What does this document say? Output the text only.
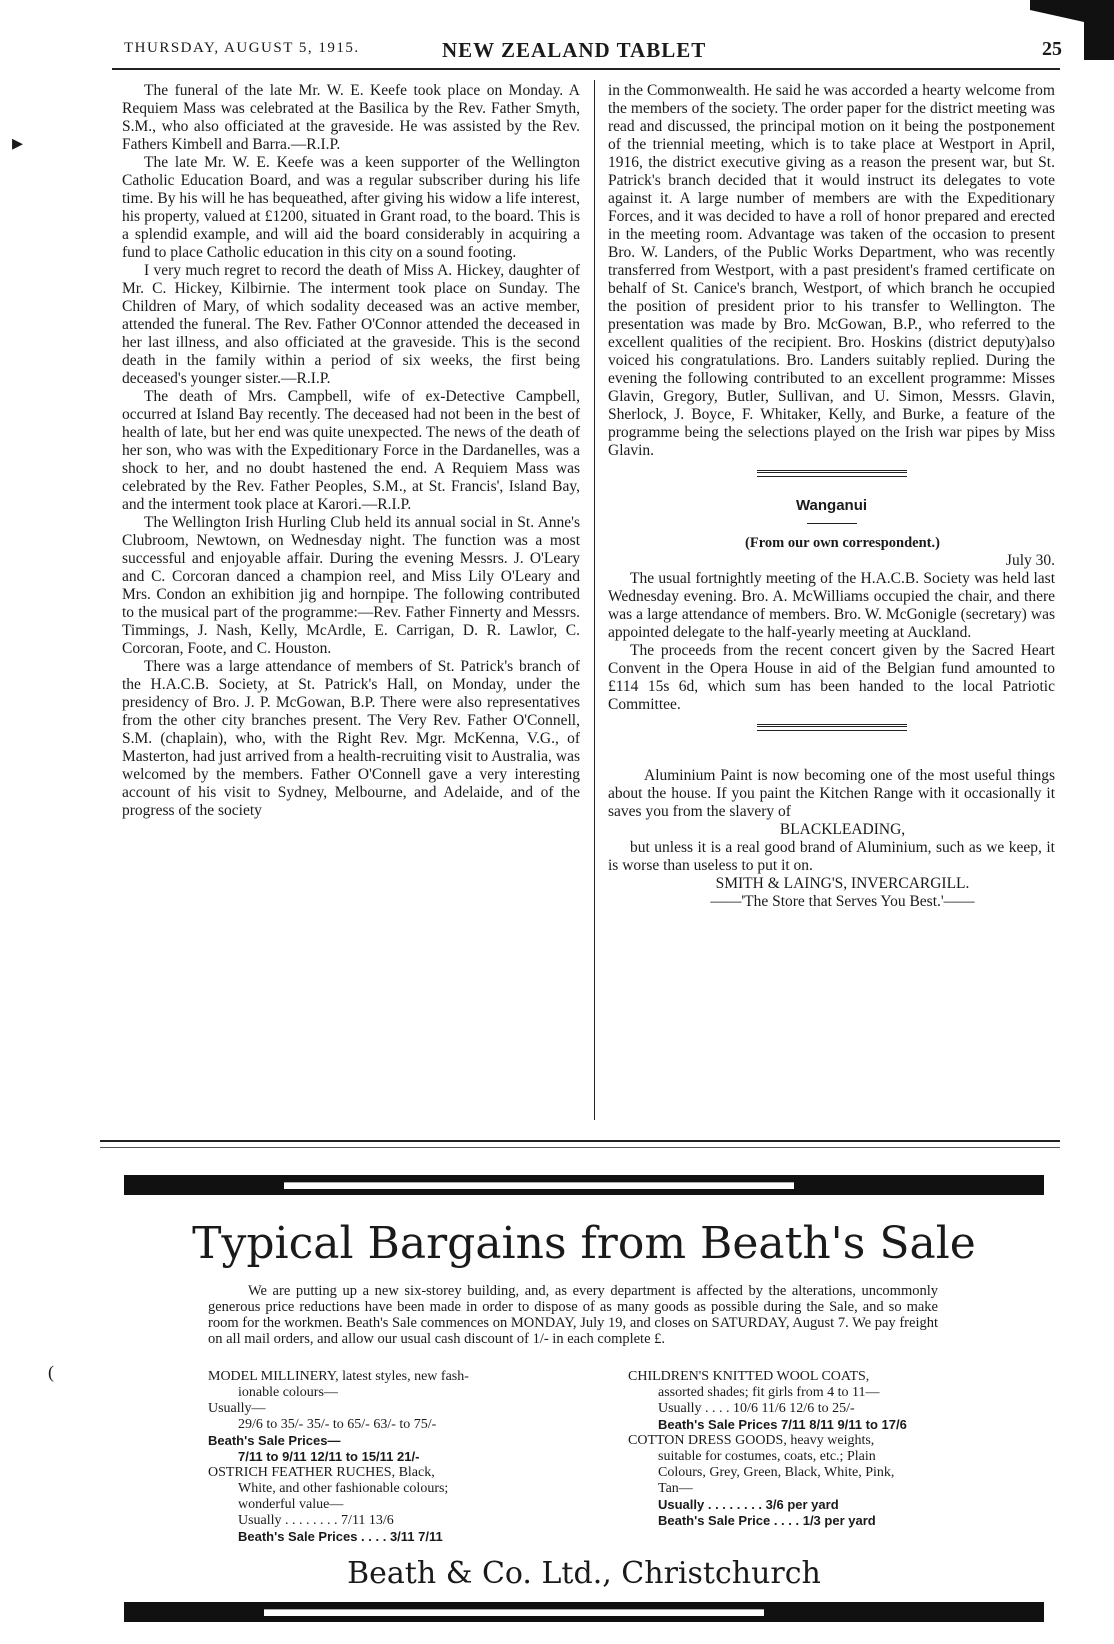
THURSDAY, AUGUST 5, 1915.	NEW ZEALAND TABLET	25
▸
(

The funeral of the late Mr. W. E. Keefe took place on Monday. A Requiem Mass was celebrated at the Basilica by the Rev. Father Smyth, S.M., who also officiated at the graveside. He was assisted by the Rev. Fathers Kimbell and Barra.—R.I.P.

The late Mr. W. E. Keefe was a keen supporter of the Wellington Catholic Education Board, and was a regular subscriber during his life time. By his will he has bequeathed, after giving his widow a life interest, his property, valued at £1200, situated in Grant road, to the board. This is a splendid example, and will aid the board considerably in acquiring a fund to place Catholic education in this city on a sound footing.

I very much regret to record the death of Miss A. Hickey, daughter of Mr. C. Hickey, Kilbirnie. The interment took place on Sunday. The Children of Mary, of which sodality deceased was an active member, attended the funeral. The Rev. Father O'Connor attended the deceased in her last illness, and also officiated at the graveside. This is the second death in the family within a period of six weeks, the first being deceased's younger sister.—R.I.P.

The death of Mrs. Campbell, wife of ex-Detective Campbell, occurred at Island Bay recently. The deceased had not been in the best of health of late, but her end was quite unexpected. The news of the death of her son, who was with the Expeditionary Force in the Dardanelles, was a shock to her, and no doubt hastened the end. A Requiem Mass was celebrated by the Rev. Father Peoples, S.M., at St. Francis', Island Bay, and the interment took place at Karori.—R.I.P.

The Wellington Irish Hurling Club held its annual social in St. Anne's Clubroom, Newtown, on Wednesday night. The function was a most successful and enjoyable affair. During the evening Messrs. J. O'Leary and C. Corcoran danced a champion reel, and Miss Lily O'Leary and Mrs. Condon an exhibition jig and hornpipe. The following contributed to the musical part of the programme:—Rev. Father Finnerty and Messrs. Timmings, J. Nash, Kelly, McArdle, E. Carrigan, D. R. Lawlor, C. Corcoran, Foote, and C. Houston.

There was a large attendance of members of St. Patrick's branch of the H.A.C.B. Society, at St. Patrick's Hall, on Monday, under the presidency of Bro. J. P. McGowan, B.P. There were also representatives from the other city branches present. The Very Rev. Father O'Connell, S.M. (chaplain), who, with the Right Rev. Mgr. McKenna, V.G., of Masterton, had just arrived from a health-recruiting visit to Australia, was welcomed by the members. Father O'Connell gave a very interesting account of his visit to Sydney, Melbourne, and Adelaide, and of the progress of the society

in the Commonwealth. He said he was accorded a hearty welcome from the members of the society. The order paper for the district meeting was read and discussed, the principal motion on it being the postponement of the triennial meeting, which is to take place at Westport in April, 1916, the district executive giving as a reason the present war, but St. Patrick's branch decided that it would instruct its delegates to vote against it. A large number of members are with the Expeditionary Forces, and it was decided to have a roll of honor prepared and erected in the meeting room. Advantage was taken of the occasion to present Bro. W. Landers, of the Public Works Department, who was recently transferred from Westport, with a past president's framed certificate on behalf of St. Canice's branch, Westport, of which branch he occupied the position of president prior to his transfer to Wellington. The presentation was made by Bro. McGowan, B.P., who referred to the excellent qualities of the recipient. Bro. Hoskins (district deputy)also voiced his congratulations. Bro. Landers suitably replied. During the evening the following contributed to an excellent programme: Misses Glavin, Gregory, Butler, Sullivan, and U. Simon, Messrs. Glavin, Sherlock, J. Boyce, F. Whitaker, Kelly, and Burke, a feature of the programme being the selections played on the Irish war pipes by Miss Glavin.

Wanganui

(From our own correspondent.)

July 30.

The usual fortnightly meeting of the H.A.C.B. Society was held last Wednesday evening. Bro. A. McWilliams occupied the chair, and there was a large attendance of members. Bro. W. McGonigle (secretary) was appointed delegate to the half-yearly meeting at Auckland.

The proceeds from the recent concert given by the Sacred Heart Convent in the Opera House in aid of the Belgian fund amounted to £114 15s 6d, which sum has been handed to the local Patriotic Committee.

Aluminium Paint is now becoming one of the most useful things about the house. If you paint the Kitchen Range with it occasionally it saves you from the slavery of

BLACKLEADING,

but unless it is a real good brand of Aluminium, such as we keep, it is worse than useless to put it on.

SMITH & LAING'S, INVERCARGILL.

——'The Store that Serves You Best.'——

Typical Bargains from Beath's Sale

We are putting up a new six-storey building, and, as every department is affected by the alterations, uncommonly generous price reductions have been made in order to dispose of as many goods as possible during the Sale, and so make room for the workmen. Beath's Sale commences on MONDAY, July 19, and closes on SATURDAY, August 7. We pay freight on all mail orders, and allow our usual cash discount of 1/- in each complete £.

MODEL MILLINERY, latest styles, new fash-
ionable colours—
Usually—
29/6 to 35/- 35/- to 65/- 63/- to 75/-
Beath's Sale Prices—
7/11 to 9/11 12/11 to 15/11 21/-
OSTRICH FEATHER RUCHES, Black,
White, and other fashionable colours;
wonderful value—
Usually . . . . . . . . 7/11 13/6
Beath's Sale Prices . . . . 3/11 7/11
CHILDREN'S KNITTED WOOL COATS,
assorted shades; fit girls from 4 to 11—
Usually . . . . 10/6 11/6 12/6 to 25/-
Beath's Sale Prices 7/11 8/11 9/11 to 17/6
COTTON DRESS GOODS, heavy weights,
suitable for costumes, coats, etc.; Plain
Colours, Grey, Green, Black, White, Pink,
Tan—
Usually . . . . . . . . 3/6 per yard
Beath's Sale Price . . . . 1/3 per yard
Beath & Co. Ltd., Christchurch
